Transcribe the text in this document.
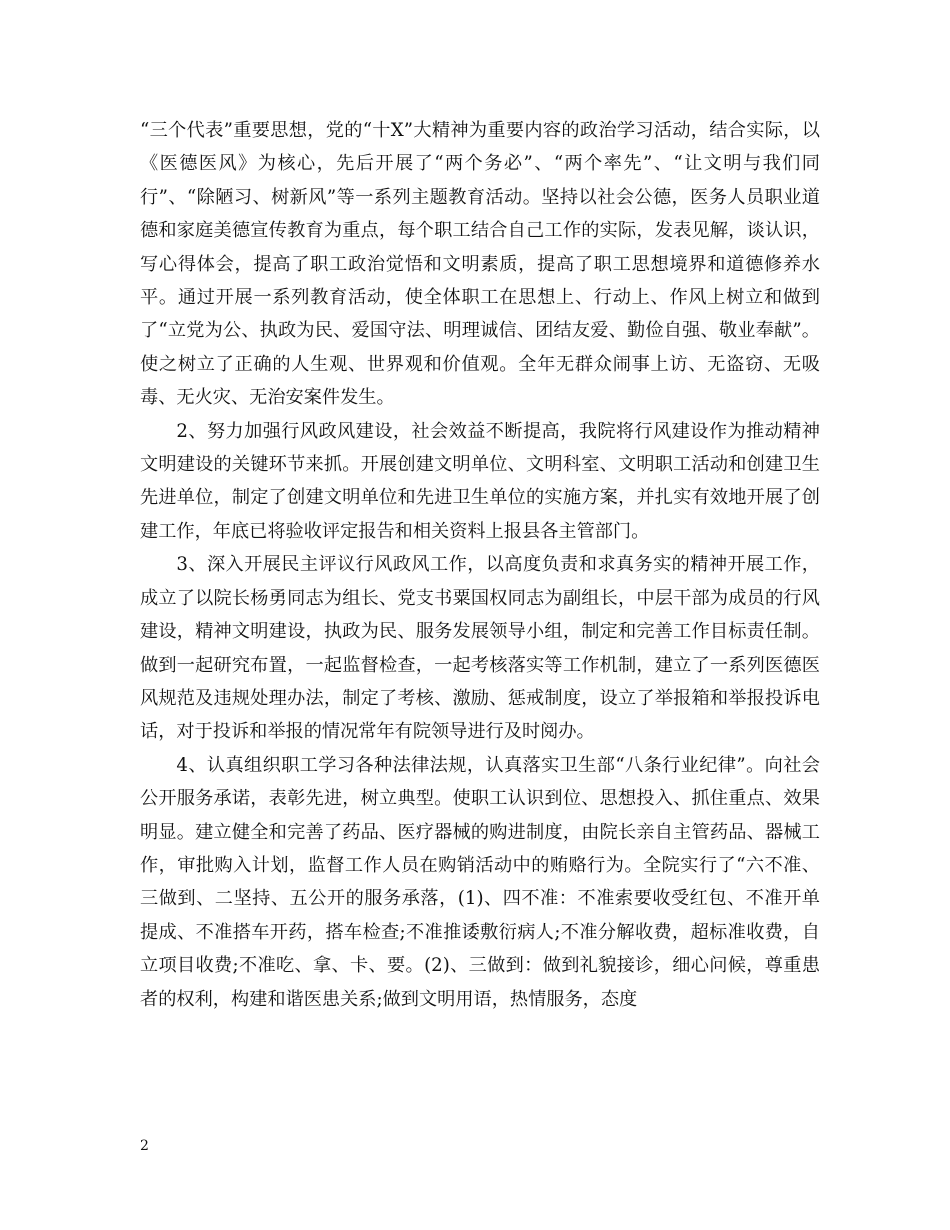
“三个代表”重要思想，党的“十X”大精神为重要内容的政治学习活动，结合实际，以《医德医风》为核心，先后开展了“两个务必”、“两个率先”、“让文明与我们同行”、“除陋习、树新风”等一系列主题教育活动。坚持以社会公德，医务人员职业道德和家庭美德宣传教育为重点，每个职工结合自己工作的实际，发表见解，谈认识，写心得体会，提高了职工政治觉悟和文明素质，提高了职工思想境界和道德修养水平。通过开展一系列教育活动，使全体职工在思想上、行动上、作风上树立和做到了“立党为公、执政为民、爱国守法、明理诚信、团结友爱、勤俭自强、敬业奉献”。使之树立了正确的人生观、世界观和价值观。全年无群众闹事上访、无盗窃、无吸毒、无火灾、无治安案件发生。

2、努力加强行风政风建设，社会效益不断提高，我院将行风建设作为推动精神文明建设的关键环节来抓。开展创建文明单位、文明科室、文明职工活动和创建卫生先进单位，制定了创建文明单位和先进卫生单位的实施方案，并扎实有效地开展了创建工作，年底已将验收评定报告和相关资料上报县各主管部门。

3、深入开展民主评议行风政风工作，以高度负责和求真务实的精神开展工作，成立了以院长杨勇同志为组长、党支书粟国权同志为副组长，中层干部为成员的行风建设，精神文明建设，执政为民、服务发展领导小组，制定和完善工作目标责任制。做到一起研究布置，一起监督检查，一起考核落实等工作机制，建立了一系列医德医风规范及违规处理办法，制定了考核、激励、惩戒制度，设立了举报箱和举报投诉电话，对于投诉和举报的情况常年有院领导进行及时阅办。

4、认真组织职工学习各种法律法规，认真落实卫生部“八条行业纪律”。向社会公开服务承诺，表彰先进，树立典型。使职工认识到位、思想投入、抓住重点、效果明显。建立健全和完善了药品、医疗器械的购进制度，由院长亲自主管药品、器械工作，审批购入计划，监督工作人员在购销活动中的贿赂行为。全院实行了“六不准、三做到、二坚持、五公开的服务承落，(1)、四不准：不准索要收受红包、不准开单提成、不准搭车开药，搭车检查;不准推诿敷衍病人;不准分解收费，超标准收费，自立项目收费;不准吃、拿、卡、要。(2)、三做到：做到礼貌接诊，细心问候，尊重患者的权利，构建和谐医患关系;做到文明用语，热情服务，态度

2
